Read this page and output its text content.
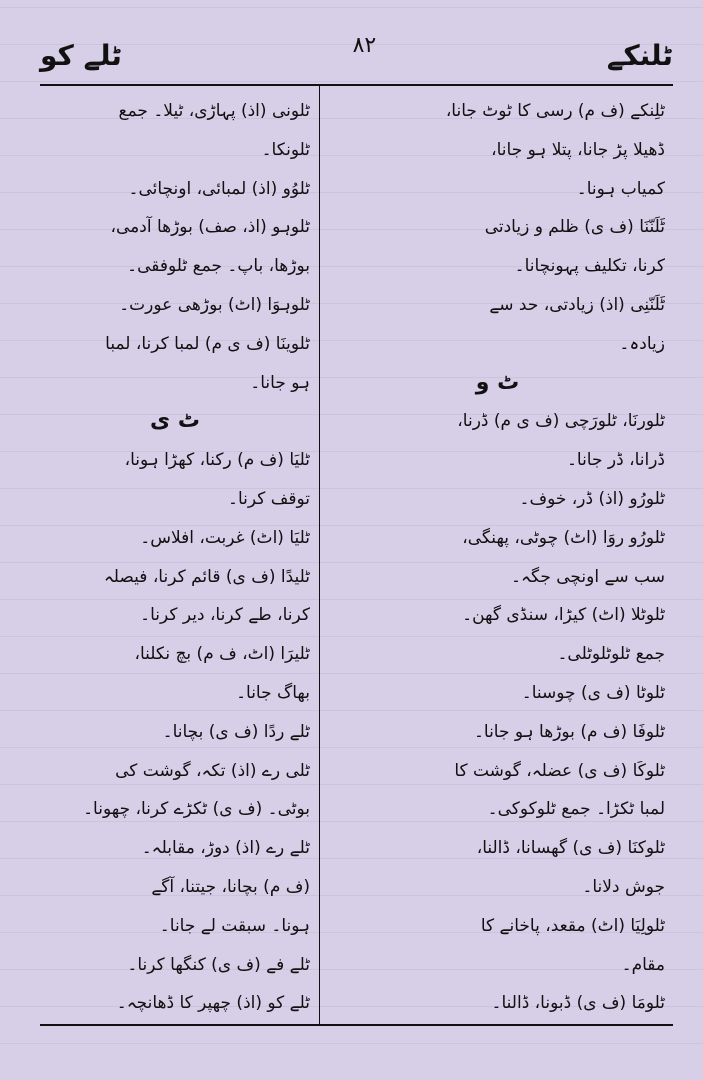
ٹلے کو	۸۲	ٹلنکے
ٹلِنکے (ف م) رسی کا ٹوٹ جانا،
ڈھیلا پڑ جانا، پتلا ہو جانا،
کمیاب ہونا۔
ٹَلَنّنَا (ف ی) ظلم و زیادتی
کرنا، تکلیف پہونچانا۔
ٹَلَنّنِی (اذ) زیادتی، حد سے
زیادہ۔
ٹ و
ٹلورنَا، ٹلورَچی (ف ی م) ڈرنا،
ڈرانا، ڈر جانا۔
ٹلورُو (اذ) ڈر، خوف۔
ٹلورُو روَا (اٹ) چوٹی، پھنگی،
سب سے اونچی جگہ۔
ٹلوٹلا (اٹ) کیڑا، سنڈی گھن۔
جمع ٹلوٹلوٹلی۔
ٹلوٹا (ف ی) چوسنا۔
ٹلوفَا (ف م) بوڑھا ہو جانا۔
ٹلوکَا (ف ی) عضلہ، گوشت کا
لمبا ٹکڑا۔ جمع ٹلوکوکی۔
ٹلوکنَا (ف ی) گھسانا، ڈالنا،
جوش دلانا۔
ٹلولِیَا (اٹ) مقعد، پاخانے کا
مقام۔
ٹلومَا (ف ی) ڈبونا، ڈالنا۔
ٹلونی (اذ) پہاڑی، ٹیلا۔ جمع
ٹلونکا۔
ٹلوُو (اذ) لمبائی، اونچائی۔
ٹلوہو (اذ، صف) بوڑھا آدمی،
بوڑھا، باپ۔ جمع ٹلوفقی۔
ٹلوہوَا (اٹ) بوڑھی عورت۔
ٹلوینَا (ف ی م) لمبا کرنا، لمبا
ہو جانا۔
ٹ ی
ٹلیَا (ف م) رکنا، کھڑا ہونا،
توقف کرنا۔
ٹلیَا (اٹ) غربت، افلاس۔
ٹلیدًا (ف ی) قائم کرنا، فیصلہ
کرنا، طے کرنا، دیر کرنا۔
ٹلیرَا (اٹ، ف م) بچ نکلنا،
بھاگ جانا۔
ٹلے ردًا (ف ی) بچانا۔
ٹلی رے (اذ) تکہ، گوشت کی
بوٹی۔ (ف ی) ٹکڑے کرنا، چھونا۔
ٹلے رے (اذ) دوڑ، مقابلہ۔
(ف م) بچانا، جیتنا، آگے
ہونا۔ سبقت لے جانا۔
ٹلے فے (ف ی) کنگھا کرنا۔
ٹلے کو (اذ) چھپر کا ڈھانچہ۔
